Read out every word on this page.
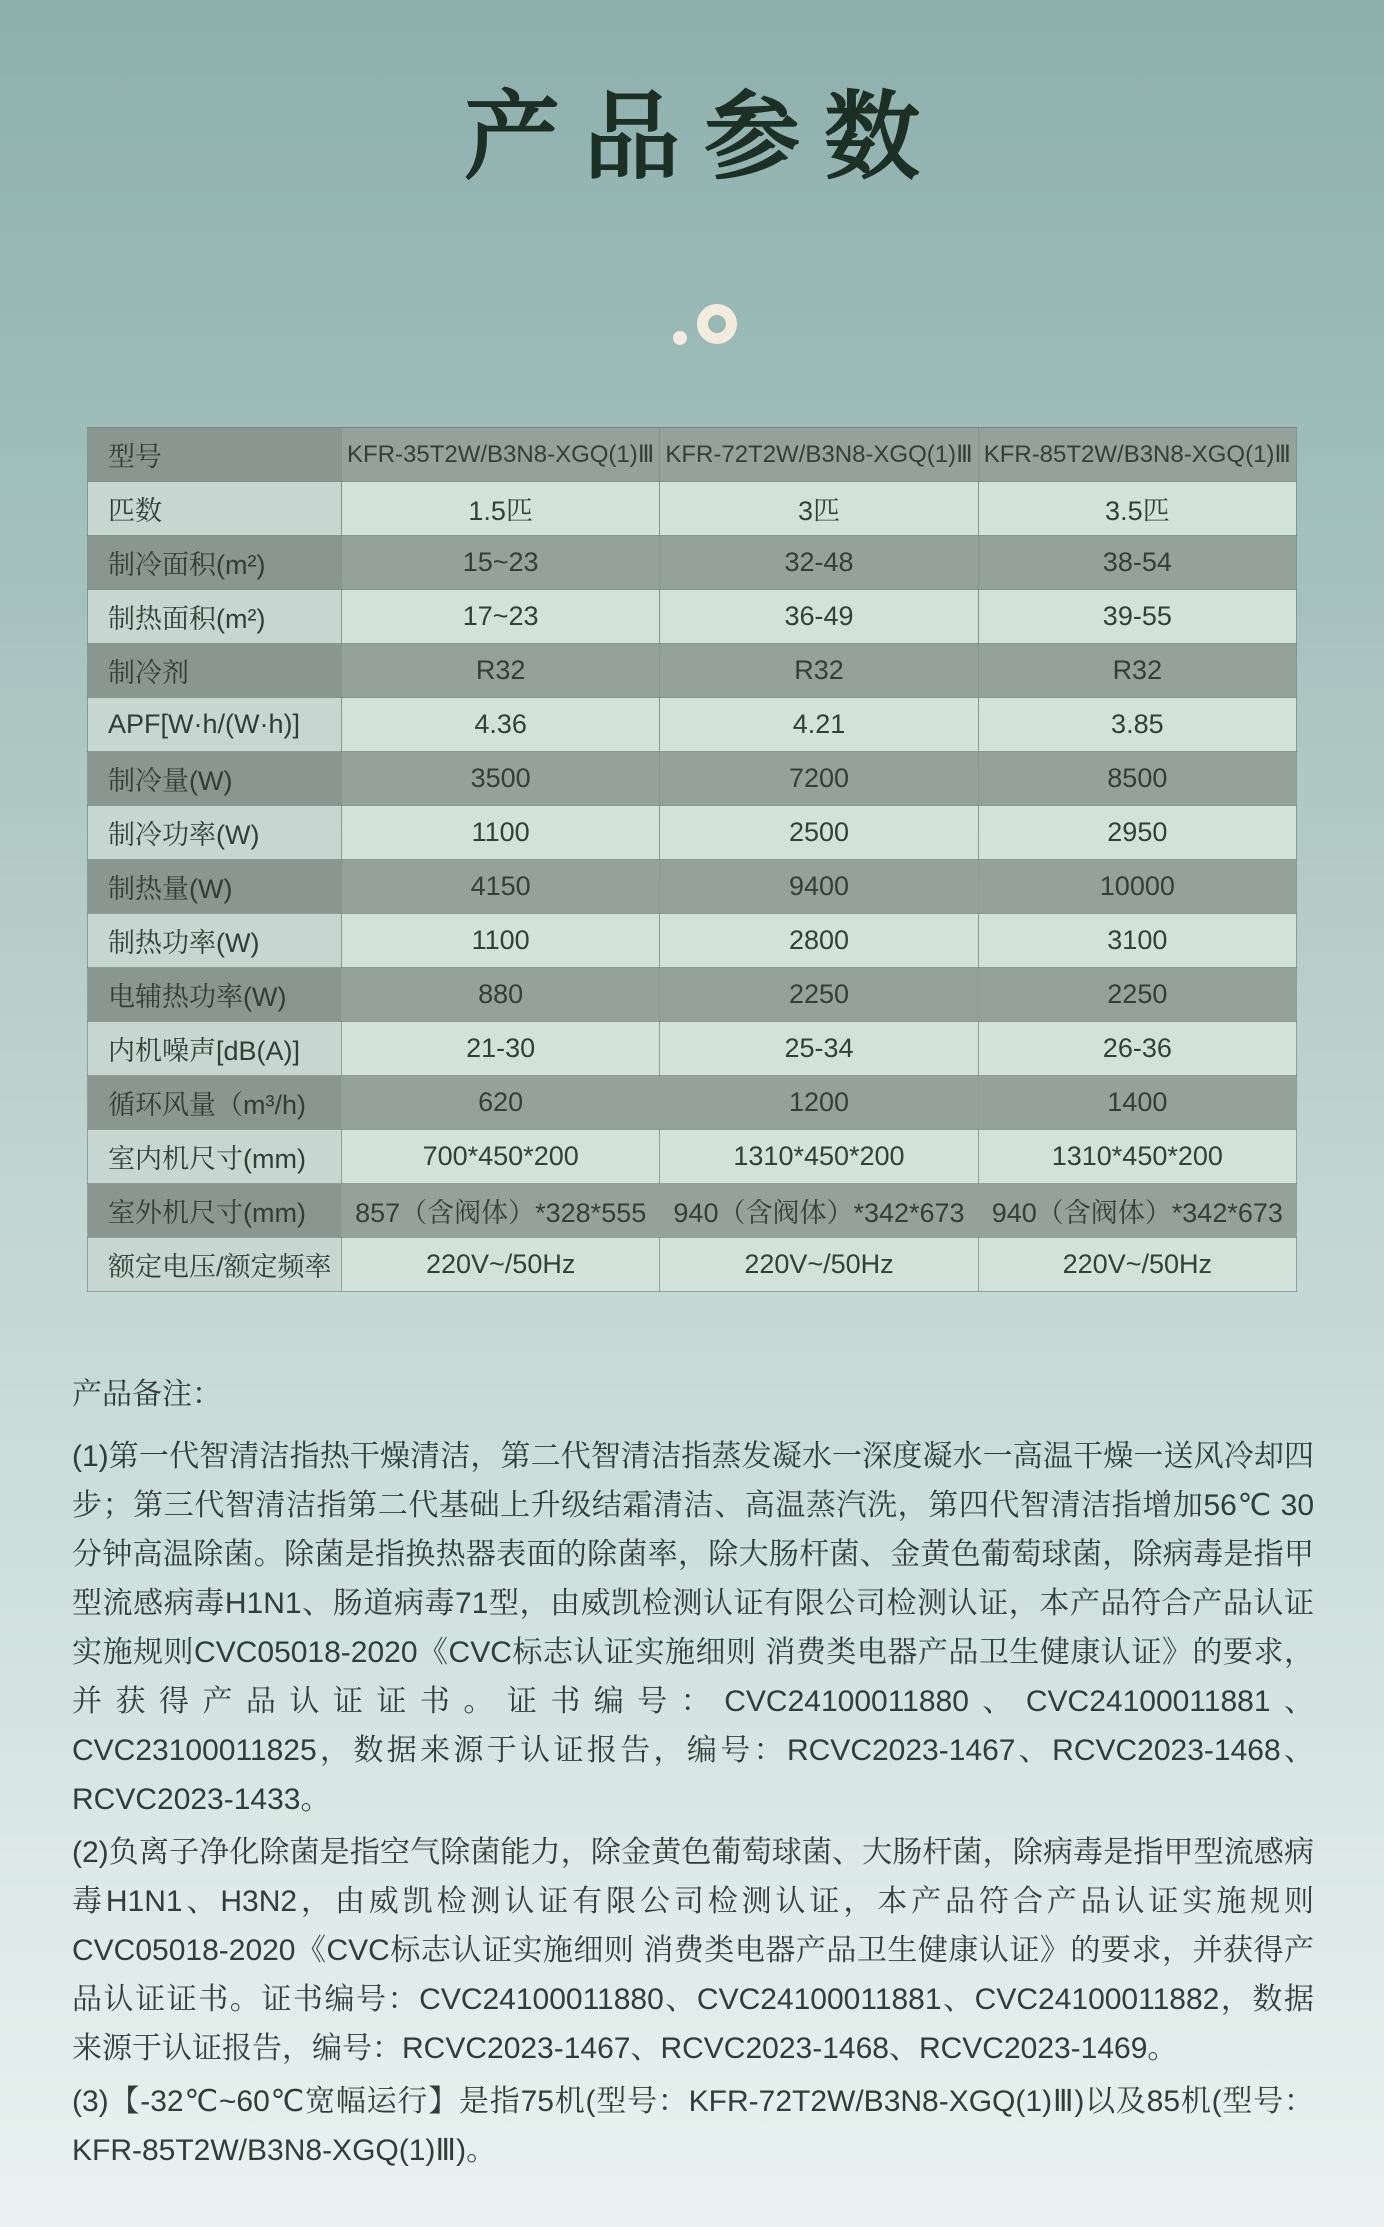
产品参数
型号	KFR-35T2W/B3N8-XGQ(1)Ⅲ	KFR-72T2W/B3N8-XGQ(1)Ⅲ	KFR-85T2W/B3N8-XGQ(1)Ⅲ
匹数	1.5匹	3匹	3.5匹
制冷面积(m²)	15~23	32-48	38-54
制热面积(m²)	17~23	36-49	39-55
制冷剂	R32	R32	R32
APF[W·h/(W·h)]	4.36	4.21	3.85
制冷量(W)	3500	7200	8500
制冷功率(W)	1100	2500	2950
制热量(W)	4150	9400	10000
制热功率(W)	1100	2800	3100
电辅热功率(W)	880	2250	2250
内机噪声[dB(A)]	21-30	25-34	26-36
循环风量（m³/h)	620	1200	1400
室内机尺寸(mm)	700*450*200	1310*450*200	1310*450*200
室外机尺寸(mm)	857（含阀体）*328*555	940（含阀体）*342*673	940（含阀体）*342*673
额定电压/额定频率	220V~/50Hz	220V~/50Hz	220V~/50Hz
产品备注：

(1)第一代智清洁指热干燥清洁，第二代智清洁指蒸发凝水一深度凝水一高温干燥一送风冷却四步；第三代智清洁指第二代基础上升级结霜清洁、高温蒸汽洗，第四代智清洁指增加56℃ 30分钟高温除菌。除菌是指换热器表面的除菌率，除大肠杆菌、金黄色葡萄球菌，除病毒是指甲型流感病毒H1N1、肠道病毒71型，由威凯检测认证有限公司检测认证，本产品符合产品认证实施规则CVC05018-2020《CVC标志认证实施细则 消费类电器产品卫生健康认证》的要求，并获得产品认证证书。证书编号：CVC24100011880、CVC24100011881、CVC23100011825，数据来源于认证报告，编号：RCVC2023-1467、RCVC2023-1468、RCVC2023-1433。

(2)负离子净化除菌是指空气除菌能力，除金黄色葡萄球菌、大肠杆菌，除病毒是指甲型流感病毒H1N1、H3N2，由威凯检测认证有限公司检测认证，本产品符合产品认证实施规则CVC05018-2020《CVC标志认证实施细则 消费类电器产品卫生健康认证》的要求，并获得产品认证证书。证书编号：CVC24100011880、CVC24100011881、CVC24100011882，数据来源于认证报告，编号：RCVC2023-1467、RCVC2023-1468、RCVC2023-1469。

(3)【-32℃~60℃宽幅运行】是指75机(型号：KFR-72T2W/B3N8-XGQ(1)Ⅲ)以及85机(型号：KFR-85T2W/B3N8-XGQ(1)Ⅲ)。
